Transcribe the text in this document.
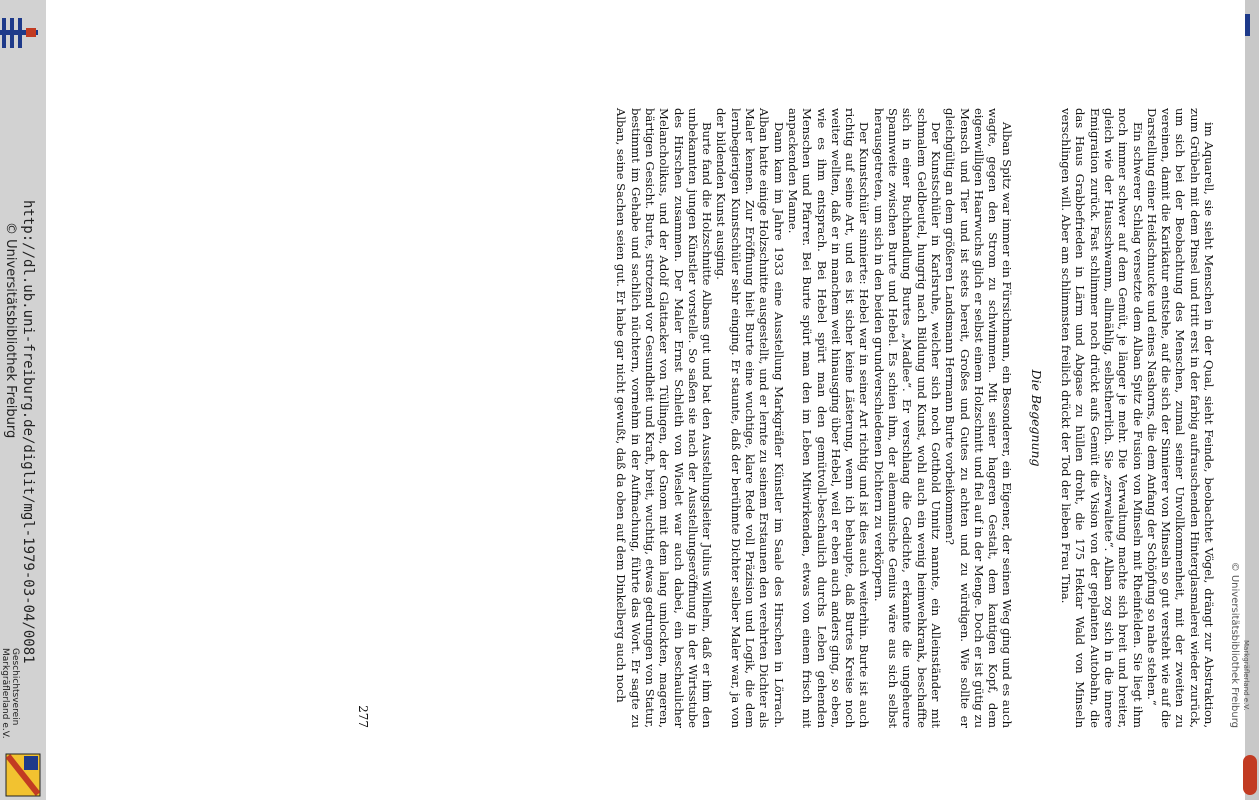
http://dl.ub.uni-freiburg.de/diglit/mgl-1979-03-04/0081
© Universitätsbibliothek Freiburg
Geschichtsverein
Markgräflerland e.V.	© Universitätsbibliothek Freiburg

im Aquarell, sie sieht Menschen in der Qual, sieht Feinde, beobachtet Vögel, drängt zur Abstraktion, zum Grübeln mit dem Pinsel und tritt erst in der farbig aufrauschenden Hinterglasmalerei wieder zurück, um sich bei der Beobachtung des Menschen, zumal seiner Unvollkommenheit, mit der zweiten zu vereinen, damit die Karikatur entstehe, auf die sich der Sinnierer von Minseln so gut versteht wie auf die Darstellung einer Heidschnucke und eines Nashorns, die dem Anfang der Schöpfung so nahe stehen.“

Ein schwerer Schlag versetzte dem Alban Spitz die Fusion von Minseln mit Rheinfelden. Sie liegt ihm noch immer schwer auf dem Gemüt, je länger je mehr. Die Verwaltung machte sich breit und breiter, gleich wie der Hausschwamm, allmählig, selbstherrlich. Sie „zerwaltete“. Alban zog sich in die innere Emigration zurück. Fast schlimmer noch drückt aufs Gemüt die Vision von der geplanten Autobahn, die das Haus Grabbefrieden in Lärm und Abgase zu hüllen droht, die 175 Hektar Wald von Minseln verschlingen will. Aber am schlimmsten freilich drückt der Tod der lieben Frau Tina.

Die Begegnung

Alban Spitz war immer ein Fürsichmann, ein Besonderer, ein Eigener, der seinen Weg ging und es auch wagte, gegen den Strom zu schwimmen. Mit seiner hageren Gestalt, dem kantigen Kopf, dem eigenwilligen Haarwuchs glich er selbst einem Holzschnitt und fiel auf in der Menge. Doch er ist gütig zu Mensch und Tier und ist stets bereit, Großes und Gutes zu achten und zu würdigen. Wie sollte er gleichgültig an dem größeren Landsmann Hermann Burte vorbeikommen?

Der Kunstschüler in Karlsruhe, welcher sich noch Gotthold Unnitz nannte, ein Alleinständer mit schmalem Geldbeutel, hungrig nach Bildung und Kunst, wohl auch ein wenig heimwehkrank, beschaffte sich in einer Buchhandlung Burtes „Madlee“. Er verschlang die Gedichte, erkannte die ungeheure Spannweite zwischen Burte und Hebel. Es schien ihm, der alemannische Genius wäre aus sich selbst herausgetreten, um sich in den beiden grundverschiedenen Dichtern zu verkörpern.

Der Kunstschüler sinnierte: Hebel war in seiner Art richtig und ist dies auch weiterhin. Burte ist auch richtig auf seine Art, und es ist sicher keine Lästerung, wenn ich behaupte, daß Burtes Kreise noch weiter wellten, daß er in manchem weit hinausging über Hebel, weil er eben auch anders ging, so eben, wie es ihm entsprach. Bei Hebel spürt man den gemütvoll-beschaulich durchs Leben gehenden Menschen und Pfarrer. Bei Burte spürt man den im Leben Mitwirkenden, etwas von einem frisch mit anpackenden Manne.

Dann kam im Jahre 1933 eine Ausstellung Markgräfler Künstler im Saale des Hirschen in Lörrach. Alban hatte einige Holzschnitte ausgestellt, und er lernte zu seinem Erstaunen den verehrten Dichter als Maler kennen. Zur Eröffnung hielt Burte eine wuchtige, klare Rede voll Präzision und Logik, die dem lernbegierigen Kunstschüler sehr einging. Er staunte, daß der berühmte Dichter selber Maler war, ja von der bildenden Kunst ausging.

Burte fand die Holzschnitte Albans gut und bat den Ausstellungsleiter Julius Wilhelm, daß er ihm den unbekannten jungen Künstler vorstelle. So saßen sie nach der Ausstellungseröffnung in der Wirtsstube des Hirschen zusammen. Der Maler Ernst Schleith von Wieslet war auch dabei, ein beschaulicher Melancholikus, und der Adolf Glattacker von Tüllingen, der Gnom mit dem lang umlockten, mageren, bärtigen Gesicht. Burte, strotzend vor Gesundheit und Kraft, breit, wuchtig, etwas gedrungen von Statur, bestimmt im Gehabe und sachlich nüchtern, vornehm in der Aufmachung, führte das Wort. Er sagte zu Alban, seine Sachen seien gut. Er habe gar nicht gewußt, daß da oben auf dem Dinkelberg auch noch

277
Markgräflerland e.V.
